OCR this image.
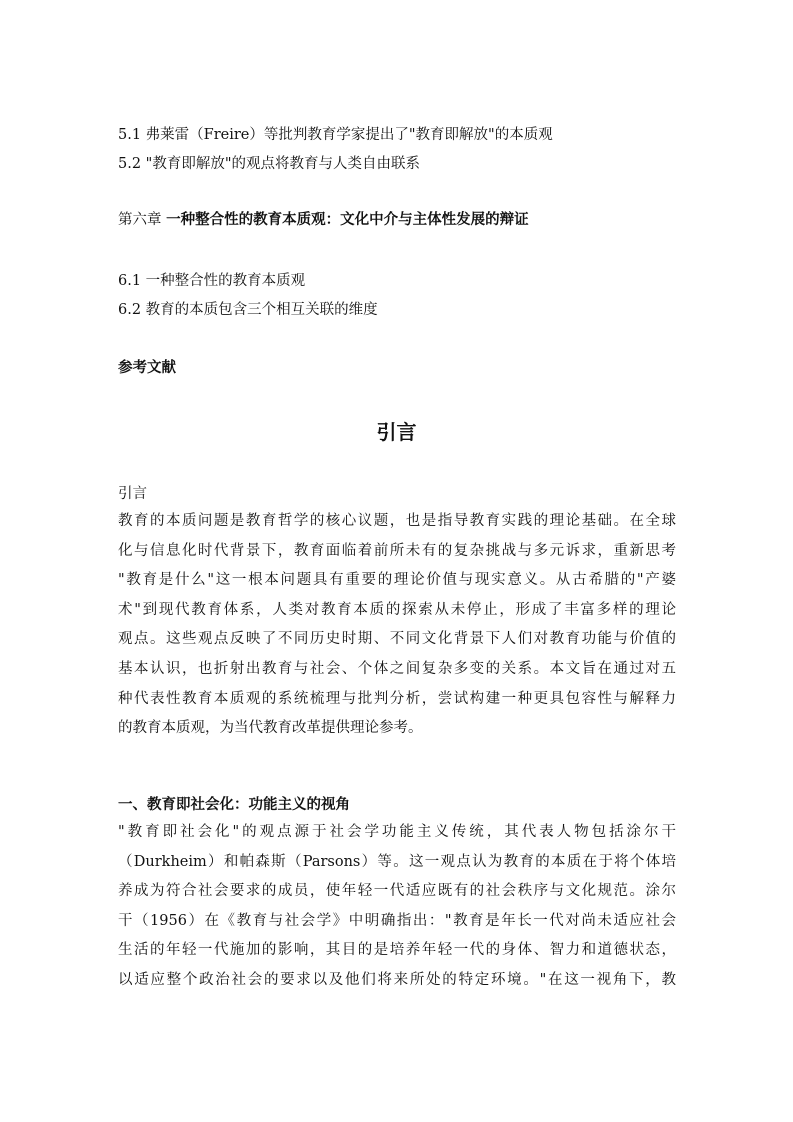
5.1 弗莱雷（Freire）等批判教育学家提出了"教育即解放"的本质观
5.2 "教育即解放"的观点将教育与人类自由联系
第六章 一种整合性的教育本质观：文化中介与主体性发展的辩证
6.1 一种整合性的教育本质观
6.2 教育的本质包含三个相互关联的维度
参考文献
引言
引言
教育的本质问题是教育哲学的核心议题，也是指导教育实践的理论基础。在全球
化与信息化时代背景下，教育面临着前所未有的复杂挑战与多元诉求，重新思考
"教育是什么"这一根本问题具有重要的理论价值与现实意义。从古希腊的"产婆
术"到现代教育体系，人类对教育本质的探索从未停止，形成了丰富多样的理论
观点。这些观点反映了不同历史时期、不同文化背景下人们对教育功能与价值的
基本认识，也折射出教育与社会、个体之间复杂多变的关系。本文旨在通过对五
种代表性教育本质观的系统梳理与批判分析，尝试构建一种更具包容性与解释力
的教育本质观，为当代教育改革提供理论参考。
一、教育即社会化：功能主义的视角
"教育即社会化"的观点源于社会学功能主义传统，其代表人物包括涂尔干
（Durkheim）和帕森斯（Parsons）等。这一观点认为教育的本质在于将个体培
养成为符合社会要求的成员，使年轻一代适应既有的社会秩序与文化规范。涂尔
干（1956）在《教育与社会学》中明确指出："教育是年长一代对尚未适应社会
生活的年轻一代施加的影响，其目的是培养年轻一代的身体、智力和道德状态，
以适应整个政治社会的要求以及他们将来所处的特定环境。"在这一视角下，教
